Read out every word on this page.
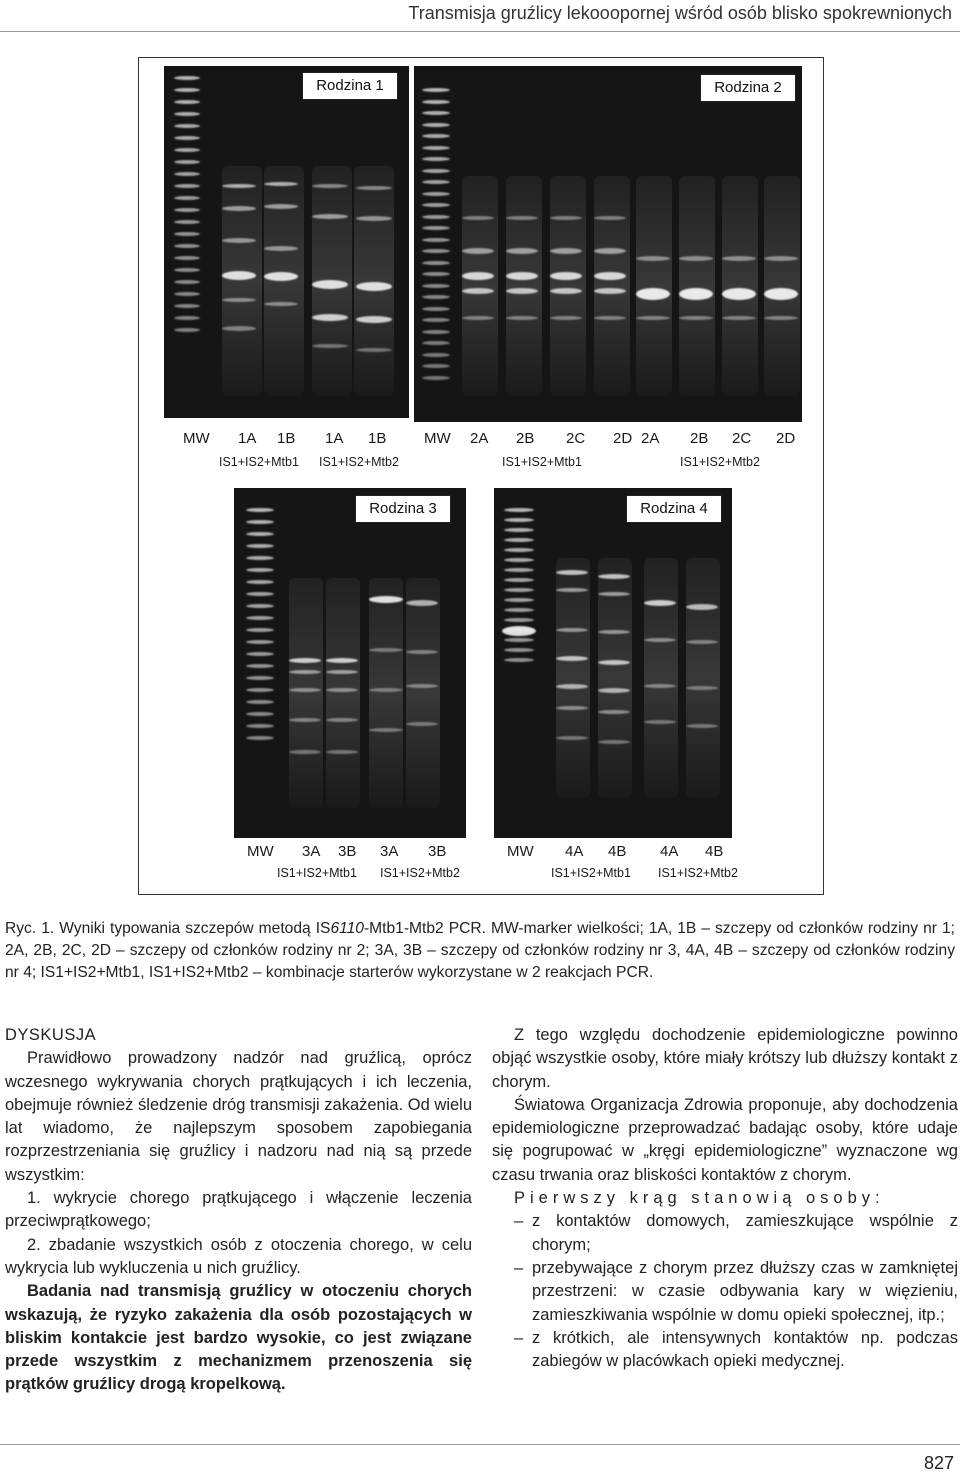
Transmisja gruźlicy lekooopornej wśród osób blisko spokrewnionych
Rodzina 1	Rodzina 2
Rodzina 3	Rodzina 4
MW 1A 1B 1A 1B
IS1+IS2+Mtb1 IS1+IS2+Mtb2
MW 2A 2B 2C 2D 2A 2B 2C 2D
IS1+IS2+Mtb1	IS1+IS2+Mtb2
MW 3A 3B 3A 3B
IS1+IS2+Mtb1 IS1+IS2+Mtb2
MW 4A 4B 4A 4B
IS1+IS2+Mtb1 IS1+IS2+Mtb2
Ryc. 1. Wyniki typowania szczepów metodą IS6110-Mtb1-Mtb2 PCR. MW-marker wielkości; 1A, 1B – szczepy od członków rodziny nr 1; 2A, 2B, 2C, 2D – szczepy od członków rodziny nr 2; 3A, 3B – szczepy od członków rodziny nr 3, 4A, 4B – szczepy od członków rodziny nr 4; IS1+IS2+Mtb1, IS1+IS2+Mtb2 – kombinacje starterów wykorzystane w 2 reakcjach PCR.
DYSKUSJA
Prawidłowo prowadzony nadzór nad gruźlicą, oprócz wczesnego wykrywania chorych prątkujących i ich leczenia, obejmuje również śledzenie dróg transmisji zakażenia. Od wielu lat wiadomo, że najlepszym sposobem zapobiegania rozprzestrzeniania się gruźlicy i nadzoru nad nią są przede wszystkim:
1. wykrycie chorego prątkującego i włączenie leczenia przeciwprątkowego;
2. zbadanie wszystkich osób z otoczenia chorego, w celu wykrycia lub wykluczenia u nich gruźlicy.
Badania nad transmisją gruźlicy w otoczeniu chorych wskazują, że ryzyko zakażenia dla osób pozostających w bliskim kontakcie jest bardzo wysokie, co jest związane przede wszystkim z mechanizmem przenoszenia się prątków gruźlicy drogą kropelkową.
Z tego względu dochodzenie epidemiologiczne powinno objąć wszystkie osoby, które miały krótszy lub dłuższy kontakt z chorym.
Światowa Organizacja Zdrowia proponuje, aby dochodzenia epidemiologiczne przeprowadzać badając osoby, które udaje się pogrupować w „kręgi epidemiologiczne” wyznaczone wg czasu trwania oraz bliskości kontaktów z chorym.
Pierwszy krąg stanowią osoby:
– z kontaktów domowych, zamieszkujące wspólnie z chorym;
– przebywające z chorym przez dłuższy czas w zamkniętej przestrzeni: w czasie odbywania kary w więzieniu, zamieszkiwania wspólnie w domu opieki społecznej, itp.;
– z krótkich, ale intensywnych kontaktów np. podczas zabiegów w placówkach opieki medycznej.
827
